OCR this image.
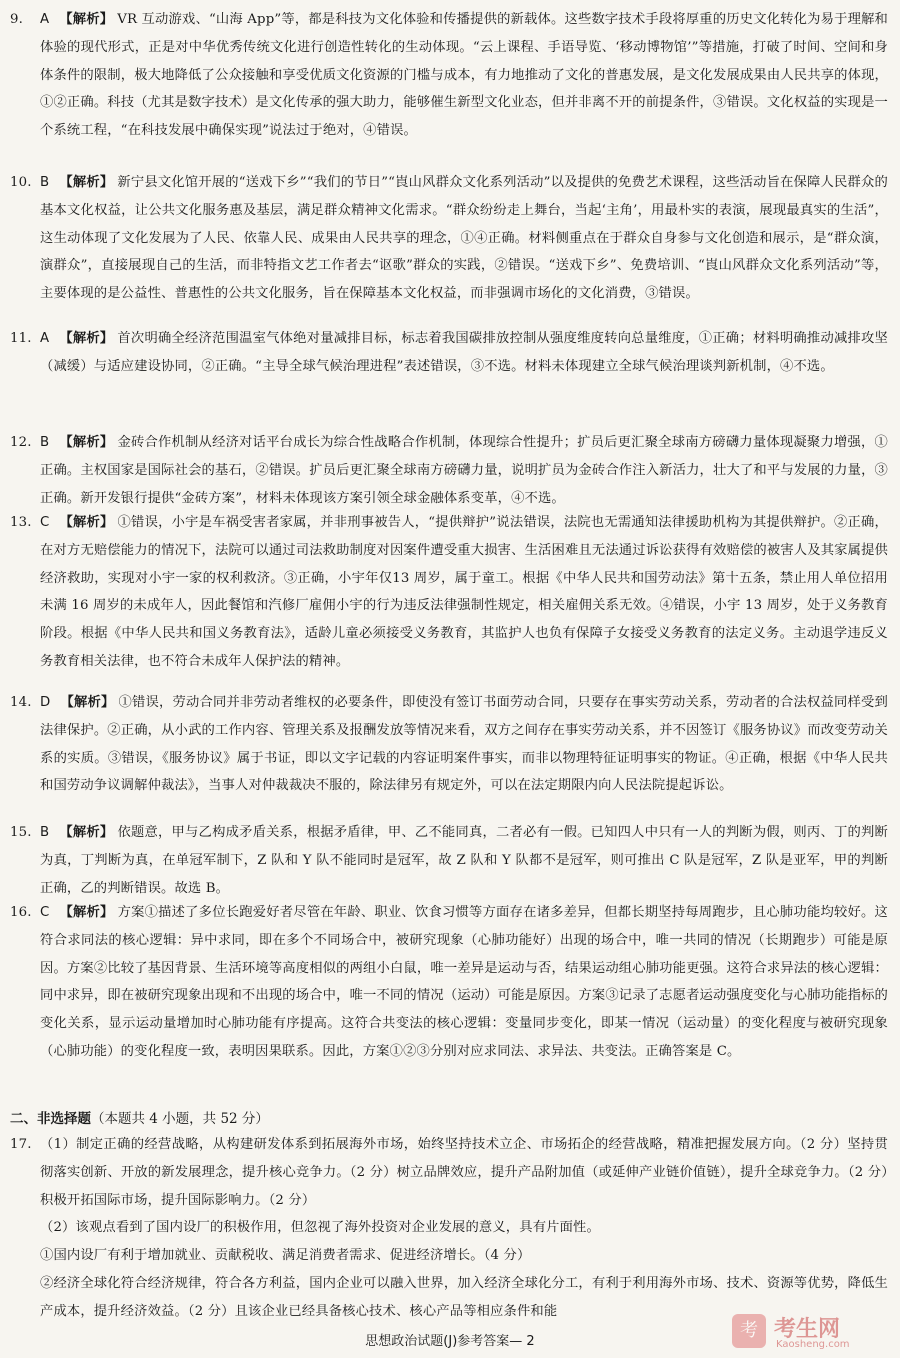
9. A 【解析】 VR 互动游戏、“山海 App”等，都是科技为文化体验和传播提供的新载体。这些数字技术手段将厚重的历史文化转化为易于理解和体验的现代形式，正是对中华优秀传统文化进行创造性转化的生动体现。“云上课程、手语导览、‘移动博物馆’”等措施，打破了时间、空间和身体条件的限制，极大地降低了公众接触和享受优质文化资源的门槛与成本，有力地推动了文化的普惠发展，是文化发展成果由人民共享的体现，①②正确。科技（尤其是数字技术）是文化传承的强大助力，能够催生新型文化业态，但并非离不开的前提条件，③错误。文化权益的实现是一个系统工程，“在科技发展中确保实现”说法过于绝对，④错误。
10. B 【解析】 新宁县文化馆开展的“送戏下乡”“我们的节日”“崀山风群众文化系列活动”以及提供的免费艺术课程，这些活动旨在保障人民群众的基本文化权益，让公共文化服务惠及基层，满足群众精神文化需求。“群众纷纷走上舞台，当起‘主角’，用最朴实的表演，展现最真实的生活”，这生动体现了文化发展为了人民、依靠人民、成果由人民共享的理念，①④正确。材料侧重点在于群众自身参与文化创造和展示，是“群众演，演群众”，直接展现自己的生活，而非特指文艺工作者去“讴歌”群众的实践，②错误。“送戏下乡”、免费培训、“崀山风群众文化系列活动”等，主要体现的是公益性、普惠性的公共文化服务，旨在保障基本文化权益，而非强调市场化的文化消费，③错误。
11. A 【解析】 首次明确全经济范围温室气体绝对量减排目标，标志着我国碳排放控制从强度维度转向总量维度，①正确；材料明确推动减排攻坚（减缓）与适应建设协同，②正确。“主导全球气候治理进程”表述错误，③不选。材料未体现建立全球气候治理谈判新机制，④不选。
12. B 【解析】 金砖合作机制从经济对话平台成长为综合性战略合作机制，体现综合性提升；扩员后更汇聚全球南方磅礴力量体现凝聚力增强，①正确。主权国家是国际社会的基石，②错误。扩员后更汇聚全球南方磅礴力量，说明扩员为金砖合作注入新活力，壮大了和平与发展的力量，③正确。新开发银行提供“金砖方案”，材料未体现该方案引领全球金融体系变革，④不选。
13. C 【解析】 ①错误，小宇是车祸受害者家属，并非刑事被告人，“提供辩护”说法错误，法院也无需通知法律援助机构为其提供辩护。②正确，在对方无赔偿能力的情况下，法院可以通过司法救助制度对因案件遭受重大损害、生活困难且无法通过诉讼获得有效赔偿的被害人及其家属提供经济救助，实现对小宇一家的权利救济。③正确，小宇年仅13 周岁，属于童工。根据《中华人民共和国劳动法》第十五条，禁止用人单位招用未满 16 周岁的未成年人，因此餐馆和汽修厂雇佣小宇的行为违反法律强制性规定，相关雇佣关系无效。④错误，小宇 13 周岁，处于义务教育阶段。根据《中华人民共和国义务教育法》，适龄儿童必须接受义务教育，其监护人也负有保障子女接受义务教育的法定义务。主动退学违反义务教育相关法律，也不符合未成年人保护法的精神。
14. D 【解析】 ①错误，劳动合同并非劳动者维权的必要条件，即使没有签订书面劳动合同，只要存在事实劳动关系，劳动者的合法权益同样受到法律保护。②正确，从小武的工作内容、管理关系及报酬发放等情况来看，双方之间存在事实劳动关系，并不因签订《服务协议》而改变劳动关系的实质。③错误，《服务协议》属于书证，即以文字记载的内容证明案件事实，而非以物理特征证明事实的物证。④正确，根据《中华人民共和国劳动争议调解仲裁法》，当事人对仲裁裁决不服的，除法律另有规定外，可以在法定期限内向人民法院提起诉讼。
15. B 【解析】 依题意，甲与乙构成矛盾关系，根据矛盾律，甲、乙不能同真，二者必有一假。已知四人中只有一人的判断为假，则丙、丁的判断为真，丁判断为真，在单冠军制下，Z 队和 Y 队不能同时是冠军，故 Z 队和 Y 队都不是冠军，则可推出 C 队是冠军，Z 队是亚军，甲的判断正确，乙的判断错误。故选 B。
16. C 【解析】 方案①描述了多位长跑爱好者尽管在年龄、职业、饮食习惯等方面存在诸多差异，但都长期坚持每周跑步，且心肺功能均较好。这符合求同法的核心逻辑：异中求同，即在多个不同场合中，被研究现象（心肺功能好）出现的场合中，唯一共同的情况（长期跑步）可能是原因。方案②比较了基因背景、生活环境等高度相似的两组小白鼠，唯一差异是运动与否，结果运动组心肺功能更强。这符合求异法的核心逻辑：同中求异，即在被研究现象出现和不出现的场合中，唯一不同的情况（运动）可能是原因。方案③记录了志愿者运动强度变化与心肺功能指标的变化关系，显示运动量增加时心肺功能有序提高。这符合共变法的核心逻辑：变量同步变化，即某一情况（运动量）的变化程度与被研究现象（心肺功能）的变化程度一致，表明因果联系。因此，方案①②③分别对应求同法、求异法、共变法。正确答案是 C。
二、非选择题（本题共 4 小题，共 52 分）
17. （1）制定正确的经营战略，从构建研发体系到拓展海外市场，始终坚持技术立企、市场拓企的经营战略，精准把握发展方向。（2 分）坚持贯彻落实创新、开放的新发展理念，提升核心竞争力。（2 分）树立品牌效应，提升产品附加值（或延伸产业链价值链），提升全球竞争力。（2 分）积极开拓国际市场，提升国际影响力。（2 分）
（2）该观点看到了国内设厂的积极作用，但忽视了海外投资对企业发展的意义，具有片面性。
①国内设厂有利于增加就业、贡献税收、满足消费者需求、促进经济增长。（4 分）
②经济全球化符合经济规律，符合各方利益，国内企业可以融入世界，加入经济全球化分工，有利于利用海外市场、技术、资源等优势，降低生产成本，提升经济效益。（2 分）且该企业已经具备核心技术、核心产品等相应条件和能
思想政治试题(J)参考答案— 2
考 考生网
Kaosheng.com
